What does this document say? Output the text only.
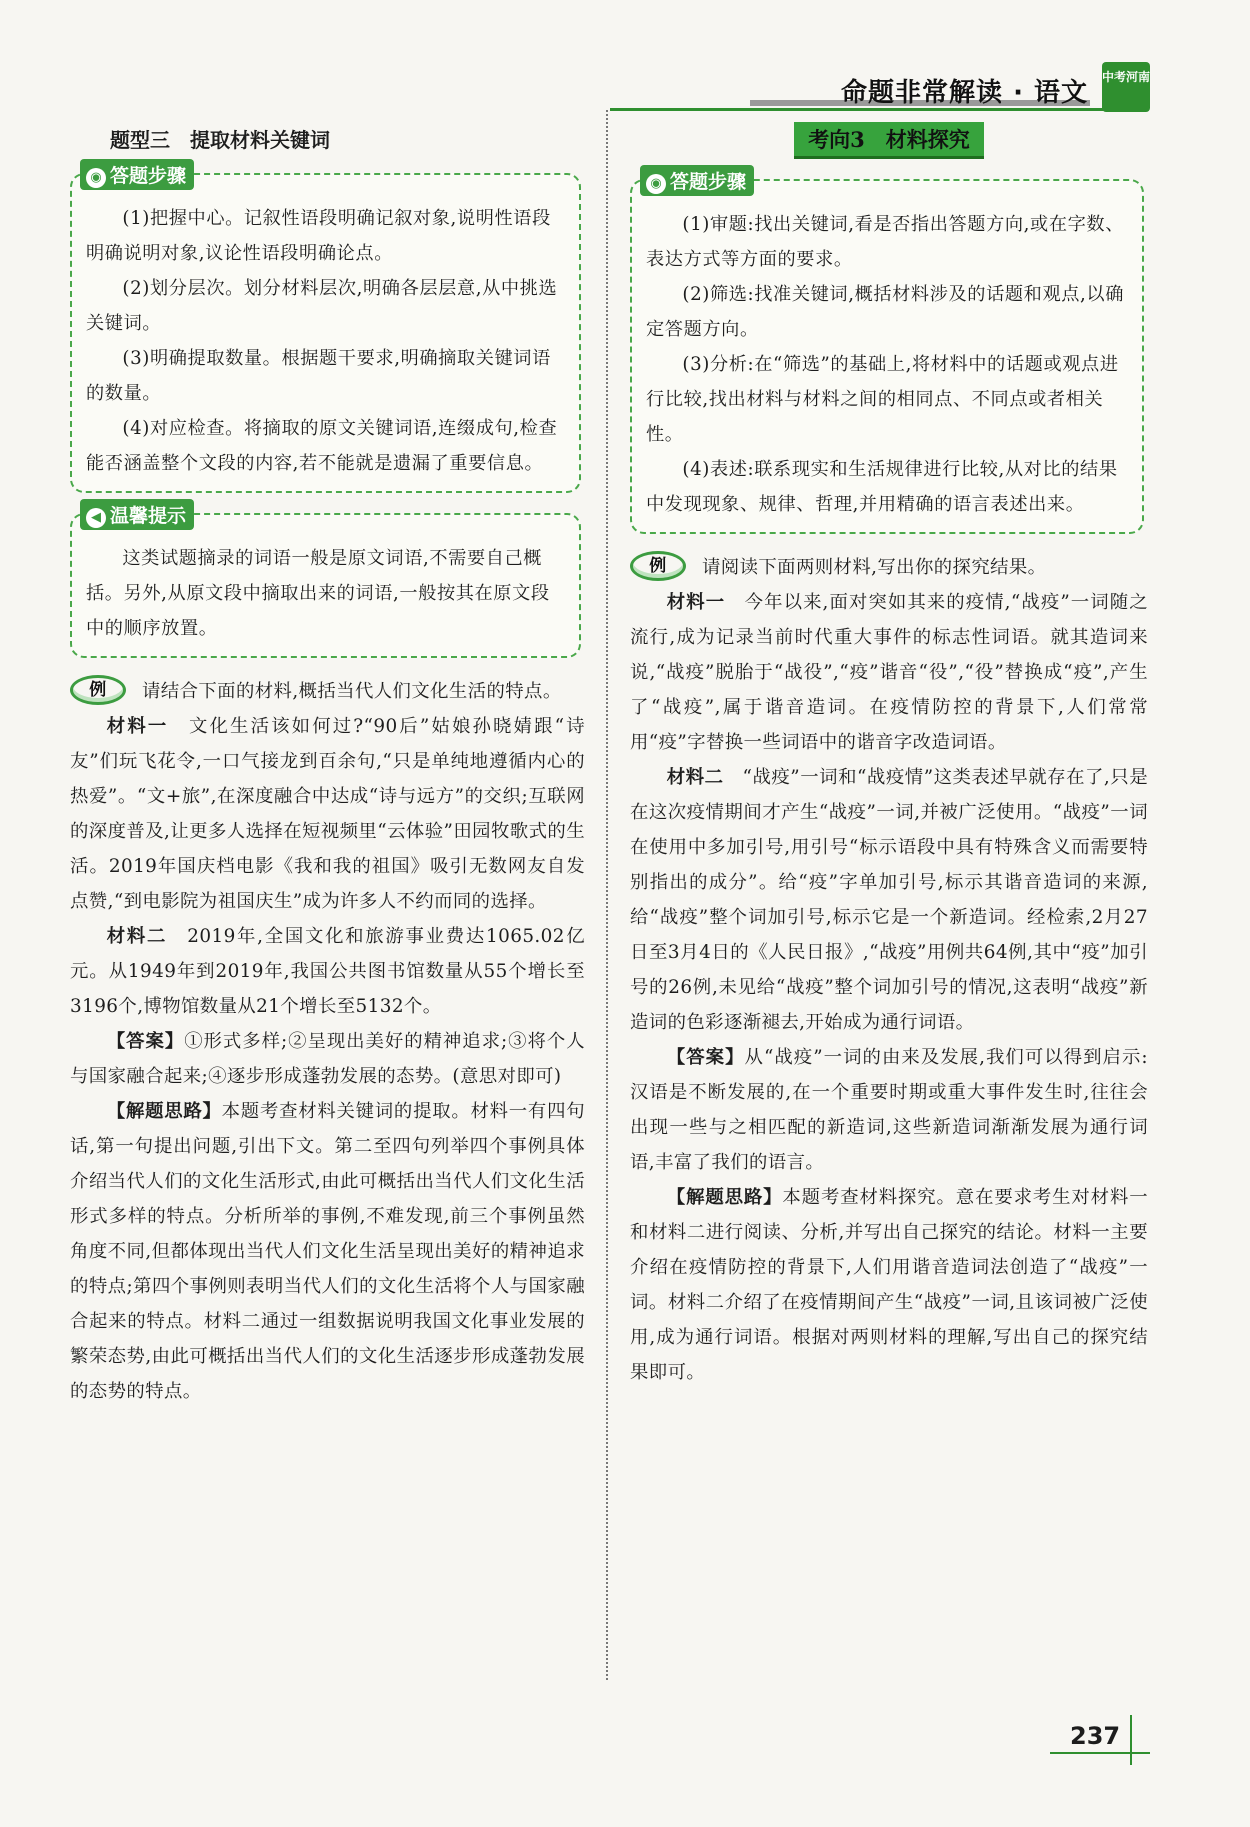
命题非常解读 · 语文
中考河南
题型三　提取材料关键词
◉ 答题步骤

(1)把握中心。记叙性语段明确记叙对象,说明性语段明确说明对象,议论性语段明确论点。

(2)划分层次。划分材料层次,明确各层层意,从中挑选关键词。

(3)明确提取数量。根据题干要求,明确摘取关键词语的数量。

(4)对应检查。将摘取的原文关键词语,连缀成句,检查能否涵盖整个文段的内容,若不能就是遗漏了重要信息。

◀ 温馨提示

这类试题摘录的词语一般是原文词语,不需要自己概括。另外,从原文段中摘取出来的词语,一般按其在原文段中的顺序放置。

例 请结合下面的材料,概括当代人们文化生活的特点。

材料一　 文化生活该如何过?“90后”姑娘孙晓婧跟“诗友”们玩飞花令,一口气接龙到百余句,“只是单纯地遵循内心的热爱”。“文+旅”,在深度融合中达成“诗与远方”的交织;互联网的深度普及,让更多人选择在短视频里“云体验”田园牧歌式的生活。2019年国庆档电影《我和我的祖国》吸引无数网友自发点赞,“到电影院为祖国庆生”成为许多人不约而同的选择。

材料二　 2019年,全国文化和旅游事业费达1065.02亿元。从1949年到2019年,我国公共图书馆数量从55个增长至3196个,博物馆数量从21个增长至5132个。

【答案】①形式多样;②呈现出美好的精神追求;③将个人与国家融合起来;④逐步形成蓬勃发展的态势。(意思对即可)

【解题思路】本题考查材料关键词的提取。材料一有四句话,第一句提出问题,引出下文。第二至四句列举四个事例具体介绍当代人们的文化生活形式,由此可概括出当代人们文化生活形式多样的特点。分析所举的事例,不难发现,前三个事例虽然角度不同,但都体现出当代人们文化生活呈现出美好的精神追求的特点;第四个事例则表明当代人们的文化生活将个人与国家融合起来的特点。材料二通过一组数据说明我国文化事业发展的繁荣态势,由此可概括出当代人们的文化生活逐步形成蓬勃发展的态势的特点。

考向3　材料探究
◉ 答题步骤

(1)审题:找出关键词,看是否指出答题方向,或在字数、表达方式等方面的要求。

(2)筛选:找准关键词,概括材料涉及的话题和观点,以确定答题方向。

(3)分析:在“筛选”的基础上,将材料中的话题或观点进行比较,找出材料与材料之间的相同点、不同点或者相关性。

(4)表述:联系现实和生活规律进行比较,从对比的结果中发现现象、规律、哲理,并用精确的语言表述出来。

例 请阅读下面两则材料,写出你的探究结果。

材料一　 今年以来,面对突如其来的疫情,“战疫”一词随之流行,成为记录当前时代重大事件的标志性词语。就其造词来说,“战疫”脱胎于“战役”,“疫”谐音“役”,“役”替换成“疫”,产生了“战疫”,属于谐音造词。在疫情防控的背景下,人们常常用“疫”字替换一些词语中的谐音字改造词语。

材料二　 “战疫”一词和“战疫情”这类表述早就存在了,只是在这次疫情期间才产生“战疫”一词,并被广泛使用。“战疫”一词在使用中多加引号,用引号“标示语段中具有特殊含义而需要特别指出的成分”。给“疫”字单加引号,标示其谐音造词的来源,给“战疫”整个词加引号,标示它是一个新造词。经检索,2月27日至3月4日的《人民日报》,“战疫”用例共64例,其中“疫”加引号的26例,未见给“战疫”整个词加引号的情况,这表明“战疫”新造词的色彩逐渐褪去,开始成为通行词语。

【答案】从“战疫”一词的由来及发展,我们可以得到启示:汉语是不断发展的,在一个重要时期或重大事件发生时,往往会出现一些与之相匹配的新造词,这些新造词渐渐发展为通行词语,丰富了我们的语言。

【解题思路】本题考查材料探究。意在要求考生对材料一和材料二进行阅读、分析,并写出自己探究的结论。材料一主要介绍在疫情防控的背景下,人们用谐音造词法创造了“战疫”一词。材料二介绍了在疫情期间产生“战疫”一词,且该词被广泛使用,成为通行词语。根据对两则材料的理解,写出自己的探究结果即可。

237
